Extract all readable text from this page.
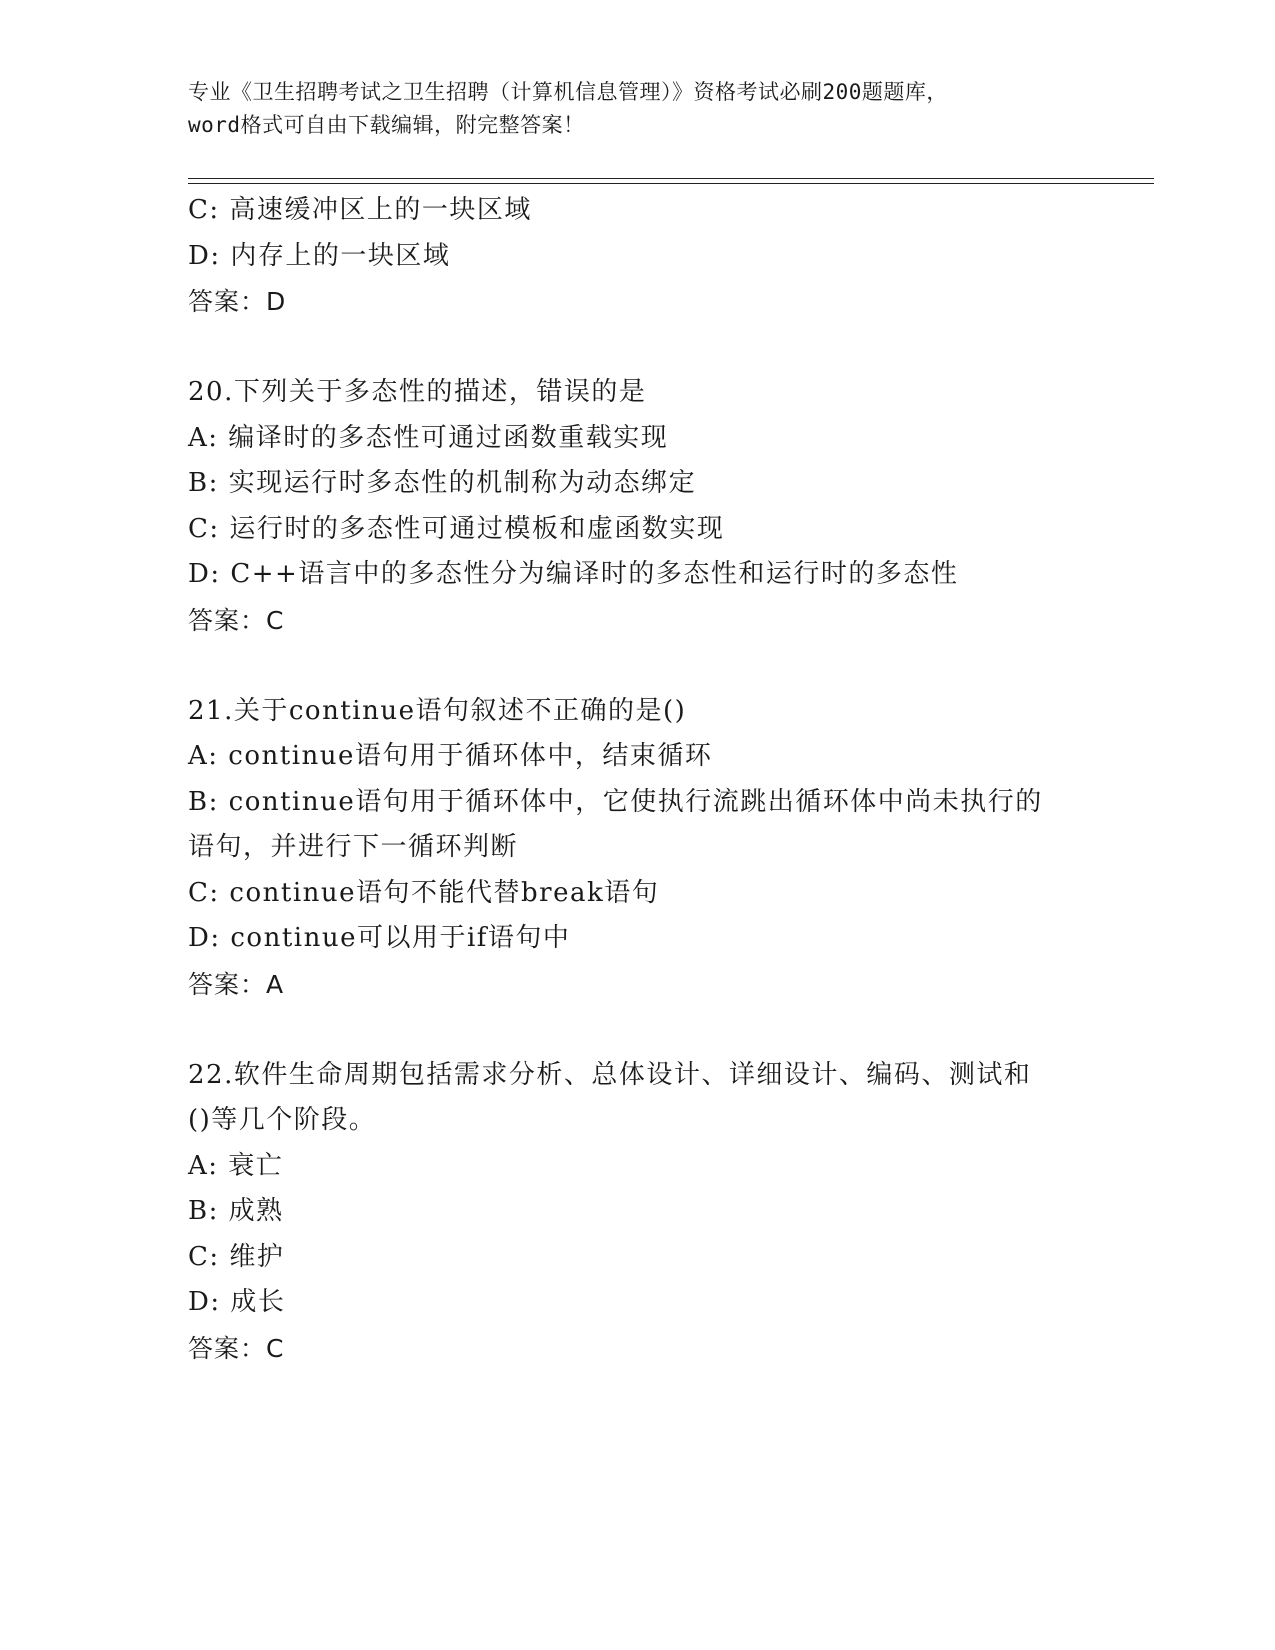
专业《卫生招聘考试之卫生招聘（计算机信息管理）》资格考试必刷200题题库，
word格式可自由下载编辑，附完整答案！
C: 高速缓冲区上的一块区域
D: 内存上的一块区域
答案：D
20.下列关于多态性的描述，错误的是
A: 编译时的多态性可通过函数重载实现
B: 实现运行时多态性的机制称为动态绑定
C: 运行时的多态性可通过模板和虚函数实现
D: C++语言中的多态性分为编译时的多态性和运行时的多态性
答案：C
21.关于continue语句叙述不正确的是()
A: continue语句用于循环体中，结束循环
B: continue语句用于循环体中，它使执行流跳出循环体中尚未执行的
语句，并进行下一循环判断
C: continue语句不能代替break语句
D: continue可以用于if语句中
答案：A
22.软件生命周期包括需求分析、总体设计、详细设计、编码、测试和
()等几个阶段。
A: 衰亡
B: 成熟
C: 维护
D: 成长
答案：C
